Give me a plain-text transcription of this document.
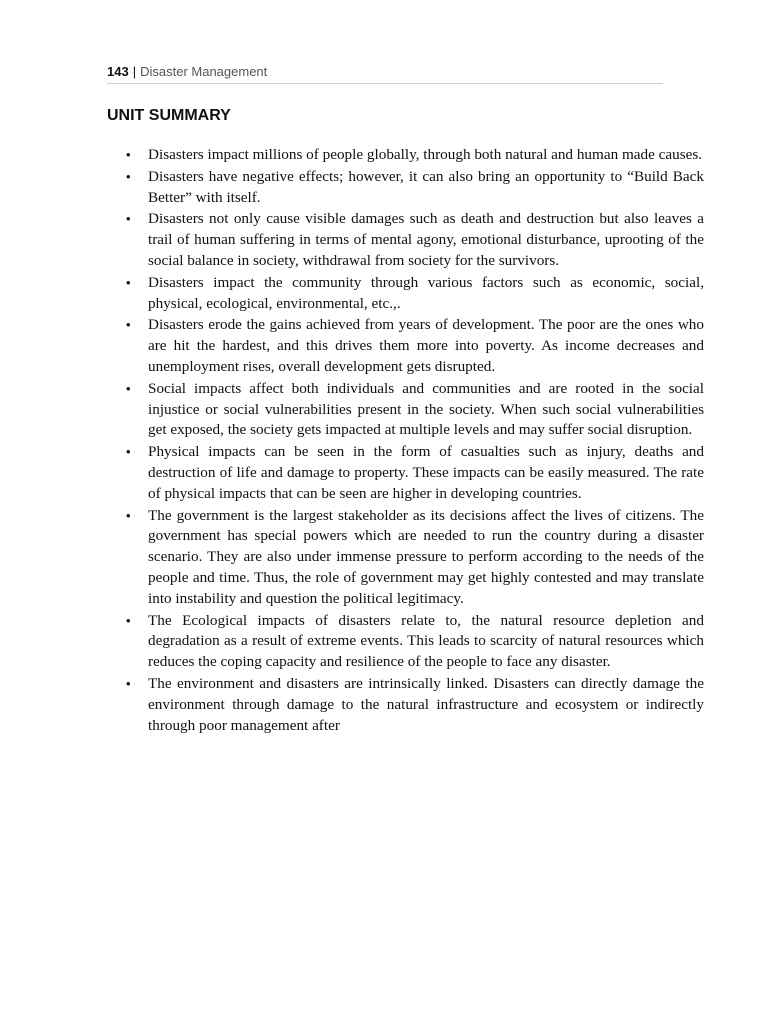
143 | Disaster Management
UNIT SUMMARY
• Disasters impact millions of people globally, through both natural and human made causes.
• Disasters have negative effects; however, it can also bring an opportunity to “Build Back Better” with itself.
• Disasters not only cause visible damages such as death and destruction but also leaves a trail of human suffering in terms of mental agony, emotional disturbance, uprooting of the social balance in society, withdrawal from society for the survivors.
• Disasters impact the community through various factors such as economic, social, physical, ecological, environmental, etc.,.
• Disasters erode the gains achieved from years of development. The poor are the ones who are hit the hardest, and this drives them more into poverty. As income decreases and unemployment rises, overall development gets disrupted.
• Social impacts affect both individuals and communities and are rooted in the social injustice or social vulnerabilities present in the society. When such social vulnerabilities get exposed, the society gets impacted at multiple levels and may suffer social disruption.
• Physical impacts can be seen in the form of casualties such as injury, deaths and destruction of life and damage to property. These impacts can be easily measured. The rate of physical impacts that can be seen are higher in developing countries.
• The government is the largest stakeholder as its decisions affect the lives of citizens. The government has special powers which are needed to run the country during a disaster scenario. They are also under immense pressure to perform according to the needs of the people and time. Thus, the role of government may get highly contested and may translate into instability and question the political legitimacy.
• The Ecological impacts of disasters relate to, the natural resource depletion and degradation as a result of extreme events. This leads to scarcity of natural resources which reduces the coping capacity and resilience of the people to face any disaster.
• The environment and disasters are intrinsically linked. Disasters can directly damage the environment through damage to the natural infrastructure and ecosystem or indirectly through poor management after
